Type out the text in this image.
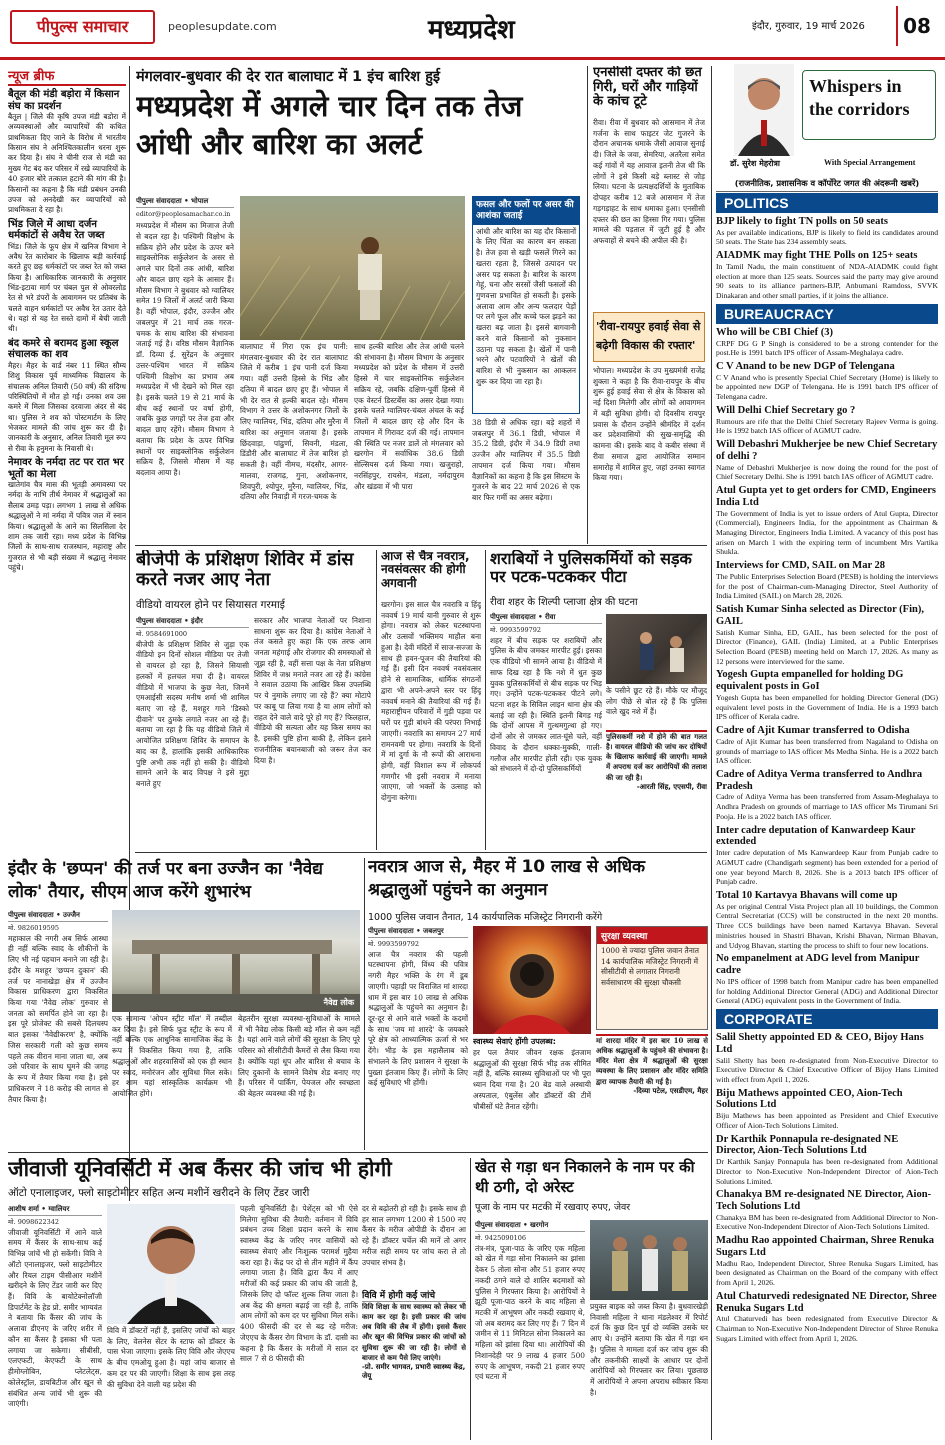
पीपुल्स समाचार	peoplesupdate.com	मध्यप्रदेश	इंदौर, गुरुवार, 19 मार्च 2026 08
न्यूज ब्रीफ
बैतूल की मंडी बड़ोरा में किसान संघ का प्रदर्शन

बैतूल | जिले की कृषि उपज मंडी बडोरा में अव्यवस्थाओं और व्यापारियों की कथित प्राथमिकता दिए जाने के विरोध में भारतीय किसान संघ ने अनिश्चितकालीन धरना शुरू कर दिया है। संघ ने चीनी राज से मंडी का मुख्य गेट बंद कर परिसर में रखे व्यापारियों के 40 हजार बोरे तत्काल हटाने की मांग की है। किसानों का कहना है कि मंडी प्रबंधन उनकी उपज को अनदेखी कर व्यापारियों को प्राथमिकता दे रहा है।

भिंड जिले में आधा दर्जन धर्मकांटों से अवैध रेत जब्त

भिंड। जिले के फूप क्षेत्र में खनिज विभाग ने अवैध रेत कारोबार के खिलाफ बड़ी कार्रवाई करते हुए छह धर्मकांटों पर जब्त रेत को जब्त किया है। आधिकारिक जानकारी के अनुसार भिंड-इटावा मार्ग पर चंबल पुल से ओवरलोड रेत से भरे डंपरों के आवागमन पर प्रतिबंध के चलते वाहन धर्मकांटों पर अवैध रेत उतार देते थे। यहां से यह रेत सस्ते दामों में बेची जाती थी।

बंद कमरे से बरामद हुआ स्कूल संचालक का शव

मैहर। मैहर के वार्ड नंबर 11 स्थित सौम्य शिशु विकास पूर्व माध्यमिक विद्यालय के संचालक अनिल तिवारी (50 वर्ष) की संदिग्ध परिस्थितियों में मौत हो गई। उनका शव उस कमरे में मिला जिसका दरवाजा अंदर से बंद था। पुलिस ने शव को पोस्टमार्टम के लिए भेजकर मामले की जांच शुरू कर दी है। जानकारी के अनुसार, अनिल तिवारी मूल रूप से रीवा के हनुमना के निवासी थे।

नेमावर के नर्मदा तट पर रात भर भूतों का मेला

खातेगांव चैत्र मास की भूतड़ी अमावस्या पर नर्मदा के नाभि तीर्थ नेमावर में श्रद्धालुओं का सैलाब उमड़ पड़ा। लगभग 1 लाख से अधिक श्रद्धालुओं ने मां नर्मदा में पवित्र जल में स्नान किया। श्रद्धालुओं के आने का सिलसिला देर शाम तक जारी रहा। मध्य प्रदेश के विभिन्न जिलों के साथ-साथ राजस्थान, महाराष्ट्र और गुजरात से भी बड़ी संख्या में श्रद्धालु नेमावर पहुंचे।

मंगलवार-बुधवार की देर रात बालाघाट में 1 इंच बारिश हुई
मध्यप्रदेश में अगले चार दिन तक तेज आंधी और बारिश का अलर्ट
पीपुल्स संवाददाता • भोपाल
editor@peoplesamachar.co.in
मध्यप्रदेश में मौसम का मिजाज तेजी से बदल रहा है। पश्चिमी विक्षोभ के सक्रिय होने और प्रदेश के ऊपर बने साइक्लोनिक सर्कुलेशन के असर से अगले चार दिनों तक आंधी, बारिश और बादल छाए रहने के आसार हैं। मौसम विभाग ने बुधवार को ग्वालियर समेत 19 जिलों में अलर्ट जारी किया है। वहीं भोपाल, इंदौर, उज्जैन और जबलपुर में 21 मार्च तक गरज-चमक के साथ बारिश की संभावना जताई गई है। वरिष्ठ मौसम वैज्ञानिक डॉ. दिव्या ई. सुरेंद्रन के अनुसार उत्तर-पश्चिम भारत में सक्रिय पश्चिमी विक्षोभ का प्रभाव अब मध्यप्रदेश में भी देखने को मिल रहा है। इसके चलते 19 से 21 मार्च के बीच कई स्थानों पर वर्षा होगी, जबकि कुछ जगहों पर तेज हवा और बादल छाए रहेंगे। मौसम विभाग ने बताया कि प्रदेश के ऊपर विभिन्न स्थानों पर साइक्लोनिक सर्कुलेशन सक्रिय है, जिससे मौसम में यह बदलाव आया है।
बालाघाट में गिरा एक इंच पानी: मंगलवार-बुधवार की देर रात बालाघाट जिले में करीब 1 इंच पानी दर्ज किया गया। वहीं उत्तरी हिस्से के भिंड और दतिया में बादल छाए हुए हैं। भोपाल में भी देर रात से हल्की बादल रहे। मौसम विभाग ने उत्तर के अशोकनगर जिलों के लिए ग्वालियर, भिंड, दतिया और मुरैना में बारिश का अनुमान जताया है। इसके छिंदवाड़ा, पांढुर्णा, सिवनी, मंडला, डिंडौरी और बालाघाट में तेज बारिश हो सकती है। वहीं नीमच, मंदसौर, आगर-मालवा, राजगढ़, गुना, अशोकनगर, शिवपुरी, श्योपुर, मुरैना, ग्वालियर, भिंड, दतिया और निवाड़ी में गरज-चमक के
साथ हल्की बारिश और तेज आंधी चलने की संभावना है। मौसम विभाग के अनुसार मध्यप्रदेश को प्रदेश के मौसम में उत्तरी हिस्से में चार साइक्लोनिक सर्कुलेशन सक्रिय रहे, जबकि दक्षिण-पूर्वी हिस्से में एक वेस्टर्न डिस्टर्बेंस का असर देखा गया। इसके चलते ग्वालियर-चंबल अंचल के कई जिलों में बादल छाए रहे और दिन के तापमान में गिरावट दर्ज की गई। तापमान की स्थिति पर नजर डालें तो मंगलवार को खरगोन में सर्वाधिक 38.6 डिग्री सेल्सियस दर्ज किया गया। खजुराहो, नरसिंहपुर, रायसेन, मंडला, नर्मदापुरम और खंडवा में भी पारा
फसल और फलों पर असर की आशंका जताई
आंधी और बारिश का यह दौर किसानों के लिए चिंता का कारण बन सकता है। तेज हवा से खड़ी फसलें गिरने का खतरा रहता है, जिससे उत्पादन पर असर पड़ सकता है। बारिश के कारण गेहूं, चना और सरसों जैसी फसलों की गुणवत्ता प्रभावित हो सकती है। इसके अलावा आम और अन्य फलदार पेड़ों पर लगे फूल और कच्चे फल झड़ने का खतरा बढ़ जाता है। इससे बागवानी करने वाले किसानों को नुकसान उठाना पड़ सकता है। खेतों में पानी भरने और पटवारियों ने खेतों की बारिश से भी नुकसान का आकलन शुरू कर दिया जा रहा है।
38 डिग्री से अधिक रहा। बड़े शहरों में जबलपुर में 36.1 डिग्री, भोपाल में 35.2 डिग्री, इंदौर में 34.9 डिग्री तथा उज्जैन और ग्वालियर में 35.5 डिग्री तापमान दर्ज किया गया। मौसम वैज्ञानिकों का कहना है कि इस सिस्टम के गुजरने के बाद 22 मार्च 2026 से एक बार फिर गर्मी का असर बढ़ेगा।
एनसीसी दफ्तर की छत गिरी, घरों और गाड़ियों के कांच टूटे
रीवा। रीवा में बुधवार को आसमान में तेज गर्जना के साथ फाइटर जेट गुजरने के दौरान अचानक धमाके जैसी आवाज सुनाई दी। जिले के जवा, सेमरिया, अतरैला समेत कई गांवों में यह आवाज इतनी तेज थी कि लोगों ने इसे किसी बड़े ब्लास्ट से जोड़ लिया। घटना के प्रत्यक्षदर्शियों के मुताबिक दोपहर करीब 12 बजे आसमान में तेज गड़गड़ाहट के साथ धमाका हुआ। एनसीसी दफ्तर की छत का हिस्सा गिर गया। पुलिस मामले की पड़ताल में जुटी हुई है और अफवाहों से बचने की अपील की है।
'रीवा-रायपुर हवाई सेवा से बढ़ेगी विकास की रफ्तार'
भोपाल। मध्यप्रदेश के उप मुख्यमंत्री राजेंद्र शुक्ला ने कहा है कि रीवा-रायपुर के बीच शुरू हुई हवाई सेवा से क्षेत्र के विकास को नई दिशा मिलेगी और लोगों को आवागमन में बड़ी सुविधा होगी। दो दिवसीय रायपुर प्रवास के दौरान उन्होंने श्रीमंदिर में दर्शन कर प्रदेशवासियों की सुख-समृद्धि की कामना की। इसके बाद वे कबीर संस्था में रीवा समाज द्वारा आयोजित सम्मान समारोह में शामिल हुए, जहां उनका स्वागत किया गया।
बीजेपी के प्रशिक्षण शिविर में डांस करते नजर आए नेता
वीडियो वायरल होने पर सियासत गरमाई
पीपुल्स संवाददाता • इंदौर
मो. 9584691000
बीजेपी के प्रशिक्षण शिविर से जुड़ा एक वीडियो इन दिनों सोशल मीडिया पर तेजी से वायरल हो रहा है, जिसने सियासी हलकों में हलचल मचा दी है। वायरल वीडियो में भाजपा के कुछ नेता, जिनमें एमआईसी सदस्य मनीष शर्मा भी शामिल बताए जा रहे हैं, मशहूर गाने 'डिस्को दीवाने' पर ठुमके लगाते नजर आ रहे हैं। बताया जा रहा है कि यह वीडियो जिले में आयोजित प्रशिक्षण शिविर के समापन के बाद का है, हालांकि इसकी आधिकारिक पुष्टि अभी तक नहीं हो सकी है। वीडियो सामने आने के बाद विपक्ष ने इसे मुद्दा बनाते हुए
सरकार और भाजपा नेताओं पर निशाना साधना शुरू कर दिया है। कांग्रेस नेताओं ने तंज कसते हुए कहा कि एक तरफ आम जनता महंगाई और रोजगार की समस्याओं से जूझ रही है, वहीं सत्ता पक्ष के नेता प्रशिक्षण शिविर में जश्न मनाते नजर आ रहे हैं। कांग्रेस ने सवाल उठाया कि आखिर किस उपलब्धि पर ये नुमाके लगाए जा रहे हैं? क्या मोटापे पर काबू पा लिया गया है या आम लोगों को राहत देने वाले वादे पूरे हो गए हैं? फिलहाल, वीडियो की सत्यता और यह किस समय का है, इसकी पुष्टि होना बाकी है, लेकिन इसने राजनीतिक बयानबाजी को जरूर तेज कर दिया है।
आज से चैत्र नवरात्र, नवसंवत्सर की होगी अगवानी
खरगोन। इस साल चैत्र नवरात्रि व हिंदू नववर्ष 19 मार्च यानी गुरुवार से शुरू होगा। नवरात्र को लेकर घटस्थापना और उत्सवों भक्तिमय माहौल बना हुआ है। देवी मंदिरों में साज-सज्जा के साथ ही हवन-पूजन की तैयारियां की गई हैं। इसी दिन नववर्ष नवसंवत्सर होने से सामाजिक, धार्मिक संगठनों द्वारा भी अपने-अपने स्तर पर हिंदू नववर्ष मनाने की तैयारियां की गई हैं। महाराष्ट्रीयन परिवारों में गुड़ी पड़वा पर घरों पर गुड़ी बांधने की परंपरा निभाई जाएगी। नवरात्रि का समापन 27 मार्च रामनवमी पर होगा। नवरात्रि के दिनों में मां दुर्गा के नौ रूपों की आराधना होगी, वहीं विशाल रूप में लोकपर्व गणगौर भी इसी नवरात्र में मनाया जाएगा, जो भक्तों के उत्साह को दोगुना करेगा।
शराबियों ने पुलिसकर्मियों को सड़क पर पटक-पटककर पीटा
रीवा शहर के शिल्पी प्लाजा क्षेत्र की घटना
पीपुल्स संवाददाता • रीवा
मो. 9993599792
शहर में बीच सड़क पर शराबियों और पुलिस के बीच जमकर मारपीट हुई। इसका एक वीडियो भी सामने आया है। वीडियो में साफ दिख रहा है कि नशे में धुत कुछ युवक पुलिसकर्मियों से बीच सड़क पर भिड़ गए। उन्होंने पटक-पटककर पीटने लगे। घटना शहर के सिविल लाइन थाना क्षेत्र की बताई जा रही है। स्थिति इतनी बिगड़ गई कि दोनों आपस में गुत्थमगुत्था हो गए। दोनों ओर से जमकर लात-घूंसे चले, वहीं विवाद के दौरान धक्का-मुक्की, गाली-गलौज और मारपीट होती रही। एक युवक को संभालने में दो-दो पुलिसकर्मियों
के पसीने छूट रहे हैं। मौके पर मौजूद लोग पीछे से बोल रहे हैं कि पुलिस वाले खुद नशे में हैं।
पुलिसकर्मी नशे में होने की बात गलत है। वायरल वीडियो की जांच कर दोषियों के खिलाफ कार्रवाई की जाएगी। मामले में अपराध दर्ज कर आरोपियों की तलाश की जा रही है।
-आरती सिंह, एएसपी, रीवा
इंदौर के 'छप्पन' की तर्ज पर बना उज्जैन का 'नैवेद्य लोक' तैयार, सीएम आज करेंगे शुभारंभ
पीपुल्स संवाददाता • उज्जैन
मो. 9826019595
महाकाल की नगरी अब सिर्फ आस्था ही नहीं बल्कि स्वाद के शौकीनों के लिए भी नई पहचान बनाने जा रही है। इंदौर के मशहूर 'छप्पन दुकान' की तर्ज पर नानाखेड़ा क्षेत्र में उज्जैन विकास प्राधिकरण द्वारा विकसित किया गया 'नैवेद्य लोक' गुरुवार से जनता को समर्पित होने जा रहा है। इस पूरे प्रोजेक्ट की सबसे दिलचस्प बात इसका 'नैवेद्यीकरण' है, क्योंकि जिस सरकारी गली को कुछ समय पहले तक वीरान माना जाता था, अब उसे परिवार के साथ घूमने की जगह के रूप में तैयार किया गया है। इसे प्राधिकरण ने 18 करोड़ की लागत से तैयार किया है।
नैवेद्य लोक
एक सामान्य 'ओपन स्ट्रीट मॉल' में तब्दील कर दिया है। इसे सिर्फ फूड स्ट्रीट के रूप में नहीं बल्कि एक आधुनिक सामाजिक केंद्र के रूप में विकसित किया गया है, ताकि श्रद्धालुओं और शहरवासियों को एक ही स्थान पर स्वाद, मनोरंजन और सुविधा मिल सके। हर शाम यहां सांस्कृतिक कार्यक्रम भी आयोजित होंगे।
बेहतरीन सुरक्षा व्यवस्था-सुविधाओं के मामले में भी नैवेद्य लोक किसी बड़े मॉल से कम नहीं है। यहां आने वाले लोगों की सुरक्षा के लिए पूरे परिसर को सीसीटीवी कैमरों से लैस किया गया है। क्योंकि यहां धूप और बारिश से बचाव के लिए दुकानों के सामने विशेष शेड बनाए गए हैं। परिसर में पार्किंग, पेयजल और स्वच्छता की बेहतर व्यवस्था की गई है।
नवरात्र आज से, मैहर में 10 लाख से अधिक श्रद्धालुओं पहुंचने का अनुमान
1000 पुलिस जवान तैनात, 14 कार्यपालिक मजिस्ट्रेट निगरानी करेंगे
पीपुल्स संवाददाता • जबलपुर
मो. 9993599792
आज चैत्र नवरात्र की पहली घटस्थापना होगी, विंध्य की पवित्र नगरी मैहर भक्ति के रंग में डूब जाएगी। पहाड़ी पर विराजित मां शारदा धाम में इस बार 10 लाख से अधिक श्रद्धालुओं के पहुंचने का अनुमान है। दूर-दूर से आने वाले भक्तों के कदमों के साथ 'जय मां शारदे' के जयकारे पूरे क्षेत्र को आध्यात्मिक ऊर्जा से भर देंगे। भीड़ के इस महासैलाब को संभालने के लिए प्रशासन ने सुरक्षा के पुख्ता इंतजाम किए हैं। लोगों के लिए कई सुविधाएं भी होंगी।
स्वास्थ्य सेवाएं होंगी उपलब्ध:
हर पल तैयार जीवन रक्षक इंतजाम श्रद्धालुओं की सुरक्षा सिर्फ भीड़ तक सीमित नहीं है, बल्कि स्वास्थ्य सुविधाओं पर भी पूरा ध्यान दिया गया है। 20 बेड वाले अस्थायी अस्पताल, एंबुलेंस और डॉक्टरों की टीमें चौबीसों घंटे तैनात रहेंगी।
सुरक्षा व्यवस्था
1000 से ज्यादा पुलिस जवान तैनात
14 कार्यपालिक मजिस्ट्रेट निगरानी में
सीसीटीवी से लगातार निगरानी
सर्वसाधारण की सुरक्षा चौकसी
मां शारदा मंदिर में इस बार 10 लाख से अधिक श्रद्धालुओं के पहुंचने की संभावना है। मंदिर मेला क्षेत्र में श्रद्धालुओं की सुरक्षा व्यवस्था के लिए प्रशासन और मंदिर समिति द्वारा व्यापक तैयारी की गई है।
-दिव्या पटेल, एसडीएम, मैहर
जीवाजी यूनिवर्सिटी में अब कैंसर की जांच भी होगी
ऑटो एनालाइजर, फ्लो साइटोमीटर सहित अन्य मशीनें खरीदने के लिए टेंडर जारी
आशीष शर्मा • ग्वालियर
मो. 9098622342
जीवाजी यूनिवर्सिटी में आने वाले समय में कैंसर के साथ-साथ कई विभिन्न जांचें भी हो सकेंगी। विवि ने ऑटो एनालाइजर, फ्लो साइटोमीटर और रियल टाइम पीसीआर मशीनें खरीदने के लिए टेंडर जारी कर दिए हैं। विवि के बायोटेक्नोलॉजी डिपार्टमेंट के हेड प्रो. समीर भाग्यवंत ने बताया कि कैंसर की जांच के अलावा डीएनए के जरिए शरीर में कौन सा कैंसर है इसका भी पता लगाया जा सकेगा। सीबीसी, एलएफटी, केएफटी के साथ हीमोग्लोबिन, प्लेटलेट्स, कोलेस्ट्रॉल, डायबिटीज और खून से संबंधित अन्य जांचें भी शुरू की जाएंगी।
विवि में डॉक्टरों नहीं हैं, इसलिए जांचों को बाहर के लिए, वेलनेस सेंटर के स्टाफ को डॉक्टर के पास भेजा जाएगा। इसके लिए विवि और जेएएच के बीच एमओयू हुआ है। यहां जांच बाजार से कम दर पर की जाएगी। शिक्षा के साथ इस तरह की सुविधा देने वाली यह प्रदेश की
पहली यूनिवर्सिटी है। पेशेंट्स को भी ऐसे मिलेगा सुविधा की तैयारी: वर्तमान में विवि प्रबंधन उच्च शिक्षा प्रदान करने के साथ स्वास्थ्य केंद्र के जरिए नगर वासियों को स्वास्थ्य सेवाएं और निःशुल्क परामर्श मुहैया करा रहा है। केंद्र पर दो से तीन महीने में कैंप लगाया जाता है। विवि द्वारा कैंप में आए मरीजों की कई प्रकार की जांच की जाती है, जिसके लिए दो फॉल्ट शुल्क लिया जाता है। अब केंद्र की क्षमता बढ़ाई जा रही है, ताकि आम लोगों को कम दर पर सुविधा मिल सके। 400 फीसदी की दर से बढ़ रहे मरीज: जेएएच के कैंसर रोग विभाग के डॉ. दासी का कहना है कि कैंसर के मरीजों में साल दर साल 7 से 8 फीसदी की
दर से बढ़ोतरी हो रही है। इसके साथ ही हर साल लगभग 1200 से 1500 नए कैंसर के मरीज ओपीडी के दौरान आ रहे हैं। डॉक्टर चर्चेल की मानें तो अगर मरीज सही समय पर जांच करा ले तो उपचार संभव है।
विवि में होगी कई जांचे
विवि शिक्षा के साथ स्वास्थ्य को लेकर भी काम कर रहा है। इसी प्रकार की जांच अब विवि की लैब में होंगी। इससे कैंसर और खून की विभिन्न प्रकार की जांचों को सुविधा शुरू की जा रही है। लोगों से बाजार से कम पैसे लिए जाएंगे।
-प्रो. समीर भागवत, प्रभारी स्वास्थ्य केंद्र, जेयू
खेत से गड़ा धन निकालने के नाम पर की थी ठगी, दो अरेस्ट
पूजा के नाम पर मटकी में रखवाए रुपए, जेवर
पीपुल्स संवाददाता • खरगोन
मो. 9425090106
तंत्र-मंत्र, पूजा-पाठ के जरिए एक महिला को खेत में गड़ा सोना निकालने का झांसा देकर 5 तोला सोना और 51 हजार रुपए नकदी ठगने वाले दो शातिर बदमाशों को पुलिस ने गिरफ्तार किया है। आरोपियों ने झूठी पूजा-पाठ करने के बाद महिला से मटकी में आभूषण और नकदी रखवाए थे, जो अब बरामद कर लिए गए हैं। 7 दिन में जमीन से 11 मिनिटल सोना निकालने का महिला को झांसा दिया था। आरोपियों की निशानदेही पर 9 लाख 4 हजार 500 रुपए के आभूषण, नकदी 21 हजार रुपए एवं घटना में
प्रयुक्त बाइक को जब्त किया है। बुधवारखेड़ी निवासी महिला ने थाना मंडलेश्वर में रिपोर्ट दर्ज कि कुछ दिन पूर्व दो व्यक्ति उसके घर आए थे। उन्होंने बताया कि खेत में गड़ा धन है। पुलिस ने मामला दर्ज कर जांच शुरू की और तकनीकी साक्ष्यों के आधार पर दोनों आरोपियों को गिरफ्तार कर लिया। पूछताछ में आरोपियों ने अपना अपराध स्वीकार किया है।
Whispers in the corridors
डॉ. सुरेश मेहरोत्रा	With Special Arrangement
(राजनीतिक, प्रशासनिक व कॉर्पोरेट जगत की अंदरूनी खबरें)
POLITICS
BJP likely to fight TN polls on 50 seats

As per available indications, BJP is likely to field its candidates around 50 seats. The State has 234 assembly seats.

AIADMK may fight THE Polls on 125+ seats

In Tamil Nadu, the main constituent of NDA-AIADMK could fight election at more than 125 seats. Sources said the party may give around 90 seats to its alliance partners-BJP, Anbumani Ramdoss, SVVK Dinakaran and other small parties, if it joins the alliance.

BUREAUCRACY
Who will be CBI Chief (3)

CRPF DG G P Singh is considered to be a strong contender for the post.He is 1991 batch IPS officer of Assam-Meghalaya cadre.

C V Anand to be new DGP of Telengana

C V Anand who is presently Special Chief Secretary (Home) is likely to be appointed new DGP of Telengana. He is 1991 batch IPS officer of Telengana cadre.

Will Delhi Chief Secretary go ?

Rumours are rife that the Delhi Chief Secretary Rajeev Verma is going. He is 1992 batch IAS officer of AGMUT cadre.

Will Debashri Mukherjee be new Chief Secretary of delhi ?

Name of Debashri Mukherjee is now doing the round for the post of Chief Secretary Delhi. She is 1991 batch IAS officer of AGMUT cadre.

Atul Gupta yet to get orders for CMD, Engineers India Ltd

The Government of India is yet to issue orders of Atul Gupta, Director (Commercial), Engineers India, for the appointment as Chairman & Managing Director, Engineers India Limited. A vacancy of this post has arisen on March 1 with the expiring term of incumbent Mrs Vartika Shukla.

Interviews for CMD, SAIL on Mar 28

The Public Enterprises Selection Board (PESB) is holding the interviews for the post of Chairman-cum-Managing Director, Steel Authority of India Limited (SAIL) on March 28, 2026.

Satish Kumar Sinha selected as Director (Fin), GAIL

Satish Kumar Sinha, ED, GAIL, has been selected for the post of Director (Finance), GAIL (India) Limited, at a Public Enterprises Selection Board (PESB) meeting held on March 17, 2026. As many as 12 persons were interviewed for the same.

Yogesh Gupta empanelled for holding DG equivalent posts in GoI

Yogesh Gupta has been empanelled for holding Director General (DG) equivalent level posts in the Government of India. He is a 1993 batch IPS officer of Kerala cadre.

Cadre of Ajit Kumar transferred to Odisha

Cadre of Ajit Kumar has been transferred from Nagaland to Odisha on grounds of marriage to IAS officer Ms Medha Sinha. He is a 2022 batch IAS officer.

Cadre of Aditya Verma transferred to Andhra Pradesh

Cadre of Aditya Verma has been transferred from Assam-Meghalaya to Andhra Pradesh on grounds of marriage to IAS officer Ms Tirumani Sri Pooja. He is a 2022 batch IAS officer.

Inter cadre deputation of Kanwardeep Kaur extended

Inter cadre deputation of Ms Kanwardeep Kaur from Punjab cadre to AGMUT cadre (Chandigarh segment) has been extended for a period of one year beyond March 8, 2026. She is a 2013 batch IPS officer of Punjab cadre.

Total 10 Kartavya Bhavans will come up

As per original Central Vista Project plan all 10 buildings, the Common Central Secretariat (CCS) will be constructed in the next 20 months. Three CCS buildings have been named Kartavya Bhavan. Several ministries housed in Shastri Bhavan, Krishi Bhavan, Nirman Bhavan, and Udyog Bhavan, starting the process to shift to four new locations.

No empanelment at ADG level from Manipur cadre

No IPS officer of 1998 batch from Manipur cadre has been empanelled for holding Additional Director General (ADG) and Additional Director General (ADG) equivalent posts in the Government of India.

CORPORATE
Salil Shetty appointed ED & CEO, Bijoy Hans Ltd

Salil Shetty has been re-designated from Non-Executive Director to Executive Director & Chief Executive Officer of Bijoy Hans Limited with effect from April 1, 2026.

Biju Mathews appointed CEO, Aion-Tech Solutions Ltd

Biju Mathews has been appointed as President and Chief Executive Officer of Aion-Tech Solutions Limited.

Dr Karthik Ponnapula re-designated NE Director, Aion-Tech Solutions Ltd

Dr Karthik Sanjay Ponnapula has been re-designated from Additional Director to Non-Executive Non-Independent Director of Aion-Tech Solutions Limited.

Chanakya BM re-designated NE Director, Aion-Tech Solutions Ltd

Chanakya BM has been re-designated from Additional Director to Non-Executive Non-Independent Director of Aion-Tech Solutions Limited.

Madhu Rao appointed Chairman, Shree Renuka Sugars Ltd

Madhu Rao, Independent Director, Shree Renuka Sugars Limited, has been designated as Chairman on the Board of the company with effect from April 1, 2026.

Atul Chaturvedi redesignated NE Director, Shree Renuka Sugars Ltd

Atul Chaturvedi has been redesignated from Executive Director & Chairman to Non-Executive Non-Independent Director of Shree Renuka Sugars Limited with effect from April 1, 2026.
